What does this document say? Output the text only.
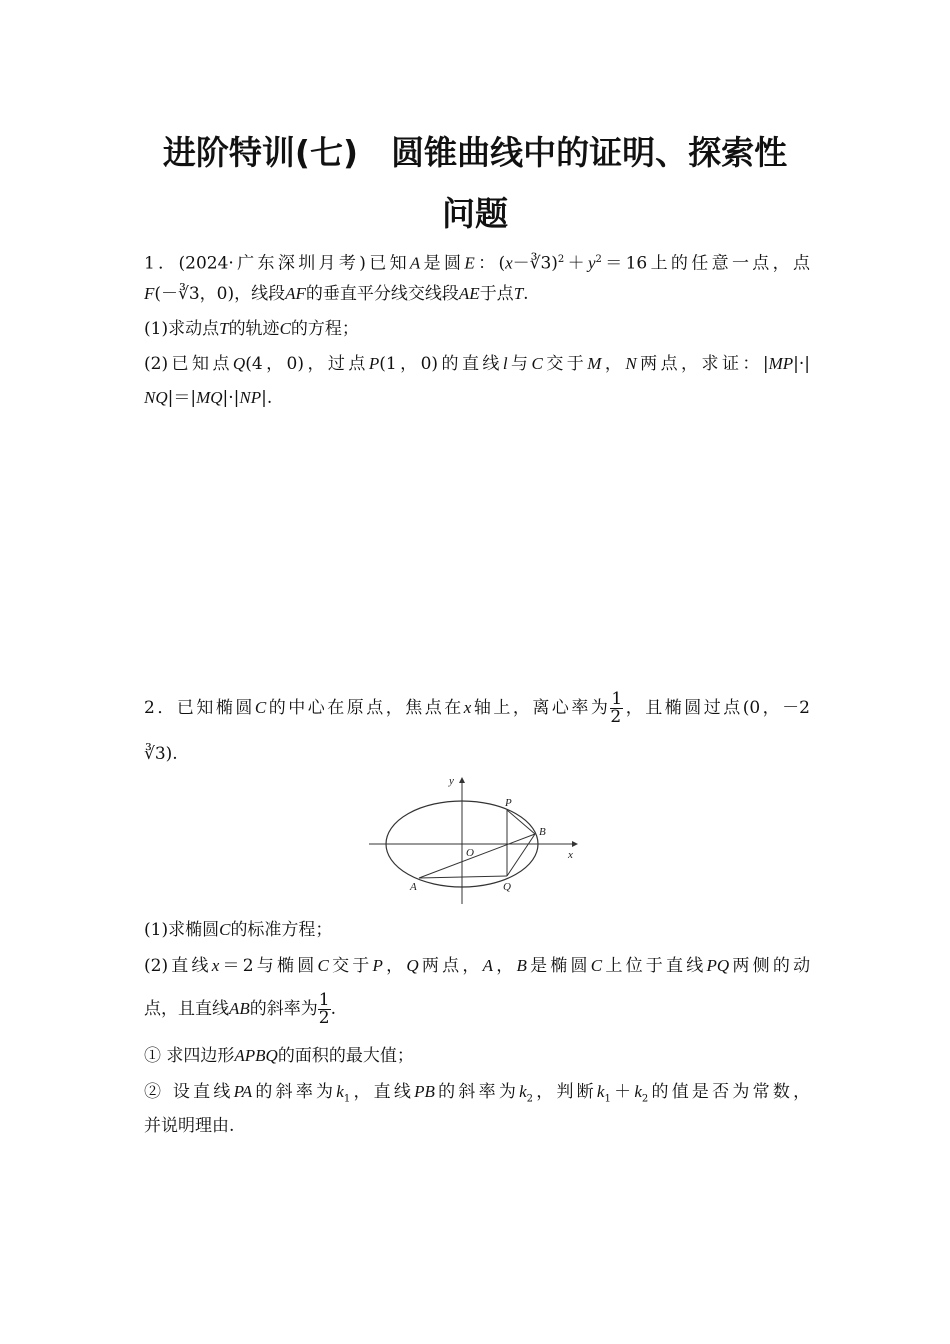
进阶特训(七)　圆锥曲线中的证明、探索性
问题
1．(2024·广东深圳月考)已知A是圆E：$(x-∛3)^2+y^2=16$上的任意一点，点
F(－∛3，0)，线段AF的垂直平分线交线段AE于点T.
(1)求动点T的轨迹C的方程；
(2)已知点Q(4，0)，过点P(1，0)的直线l与C交于M，N两点，求证：|MP|·|
NQ|＝|MQ|·|NP|.
2．已知椭圆C的中心在原点，焦点在x轴上，离心率为 $\frac{1}{2}$ ，且椭圆过点(0，－2
∛3).
y
x
O
P
B
A	Q
(1)求椭圆C的标准方程；
(2)直线x＝2与椭圆C交于P，Q两点，A，B是椭圆C上位于直线PQ两侧的动
点，且直线AB的斜率为 $\frac{1}{2}$ .
① 求四边形APBQ的面积的最大值；
② 设直线PA的斜率为$k_1$，直线PB的斜率为$k_2$，判断$k_1+k_2$的值是否为常数，
并说明理由.
